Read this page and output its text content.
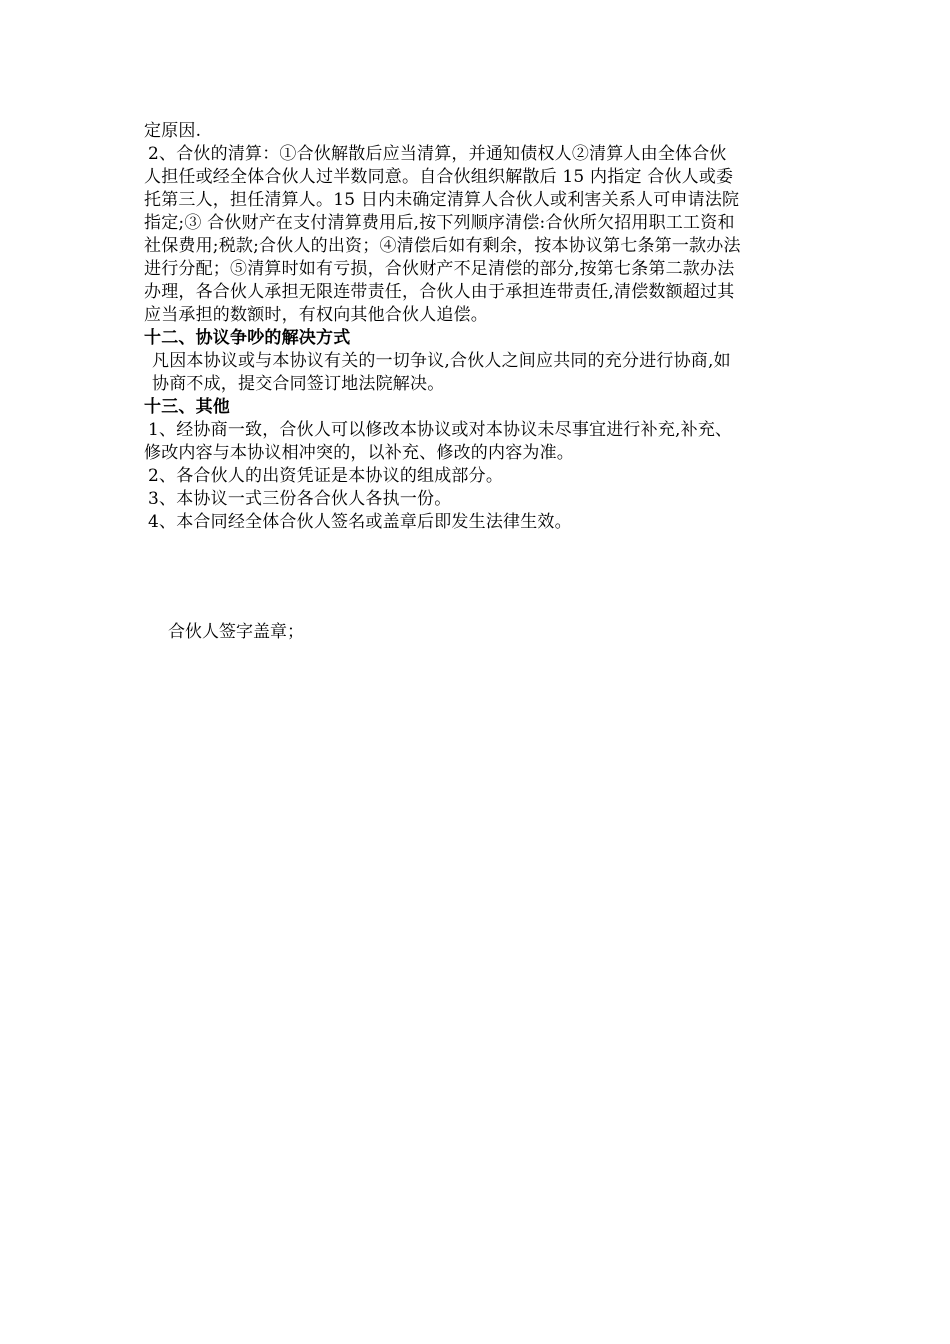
定原因.
2、合伙的清算：①合伙解散后应当清算，并通知债权人②清算人由全体合伙
人担任或经全体合伙人过半数同意。自合伙组织解散后 15 内指定 合伙人或委
托第三人，担任清算人。15 日内未确定清算人合伙人或利害关系人可申请法院
指定;③ 合伙财产在支付清算费用后,按下列顺序清偿:合伙所欠招用职工工资和
社保费用;税款;合伙人的出资；④清偿后如有剩余，按本协议第七条第一款办法
进行分配；⑤清算时如有亏损，合伙财产不足清偿的部分,按第七条第二款办法
办理，各合伙人承担无限连带责任，合伙人由于承担连带责任,清偿数额超过其
应当承担的数额时，有权向其他合伙人追偿。
十二、协议争吵的解决方式
凡因本协议或与本协议有关的一切争议,合伙人之间应共同的充分进行协商,如
协商不成，提交合同签订地法院解决。
十三、其他
1、经协商一致，合伙人可以修改本协议或对本协议未尽事宜进行补充,补充、
修改内容与本协议相冲突的，以补充、修改的内容为准。
2、各合伙人的出资凭证是本协议的组成部分。
3、本协议一式三份各合伙人各执一份。
4、本合同经全体合伙人签名或盖章后即发生法律生效。
合伙人签字盖章；
